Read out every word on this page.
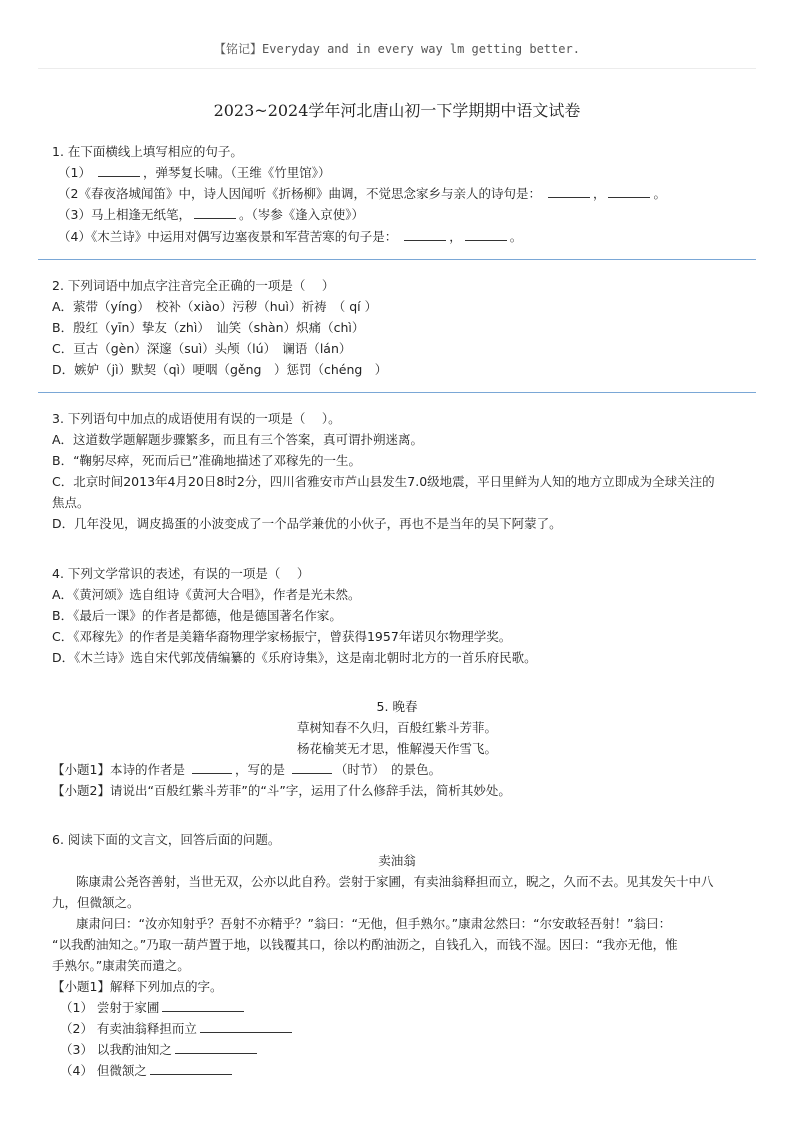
【铭记】Everyday and in every way lm getting better.
2023~2024学年河北唐山初一下学期期中语文试卷
1. 在下面横线上填写相应的句子。
（1）	，弹琴复长啸。（王维《竹里馆》）
（2《春夜洛城闻笛》中，诗人因闻听《折杨柳》曲调，不觉思念家乡与亲人的诗句是：	，	。
（3）马上相逢无纸笔，	。（岑参《逢入京使》）
（4）《木兰诗》中运用对偶写边塞夜景和军营苦寒的句子是：	，	。
2. 下列词语中加点字注音完全正确的一项是（　 ）
A．萦带（yíng）　校补（xiào）污秽（huì）祈祷　（ qí ）
B．殷红（yīn）挚友（zhì）　讪笑（shàn）炽痛（chì）
C．亘古（gèn）深邃（suì）头颅（lú）　谰语（lán）
D．嫉妒（jì）默契（qì）哽咽（gěng　）惩罚（chéng　）
3. 下列语句中加点的成语使用有误的一项是（　 ）。
A．这道数学题解题步骤繁多，而且有三个答案，真可谓扑朔迷离。
B．“鞠躬尽瘁，死而后已”准确地描述了邓稼先的一生。
C．北京时间2013年4月20日8时2分，四川省雅安市芦山县发生7.0级地震，平日里鲜为人知的地方立即成为全球关注的
焦点。
D．几年没见，调皮捣蛋的小波变成了一个品学兼优的小伙子，再也不是当年的吴下阿蒙了。
4. 下列文学常识的表述，有误的一项是（　 ）
A．《黄河颂》选自组诗《黄河大合唱》，作者是光未然。
B．《最后一课》的作者是都德，他是德国著名作家。
C．《邓稼先》的作者是美籍华裔物理学家杨振宁，曾获得1957年诺贝尔物理学奖。
D．《木兰诗》选自宋代郭茂倩编纂的《乐府诗集》，这是南北朝时北方的一首乐府民歌。
5. 晚春
草树知春不久归，百般红紫斗芳菲。
杨花榆荚无才思，惟解漫天作雪飞。
【小题1】本诗的作者是	，写的是	（时节）　的景色。
【小题2】请说出“百般红紫斗芳菲”的“斗”字，运用了什么修辞手法，简析其妙处。
6. 阅读下面的文言文，回答后面的问题。
卖油翁
陈康肃公尧咨善射，当世无双，公亦以此自矜。尝射于家圃，有卖油翁释担而立，睨之，久而不去。见其发矢十中八
九，但微颔之。
康肃问曰：“汝亦知射乎？吾射不亦精乎？”翁曰：“无他，但手熟尔。”康肃忿然曰：“尔安敢轻吾射！”翁曰：
“以我酌油知之。”乃取一葫芦置于地，以钱覆其口，徐以杓酌油沥之，自钱孔入，而钱不湿。因曰：“我亦无他，惟
手熟尔。”康肃笑而遣之。
【小题1】解释下列加点的字。
（1） 尝射于家圃
（2） 有卖油翁释担而立
（3） 以我酌油知之
（4） 但微颔之
